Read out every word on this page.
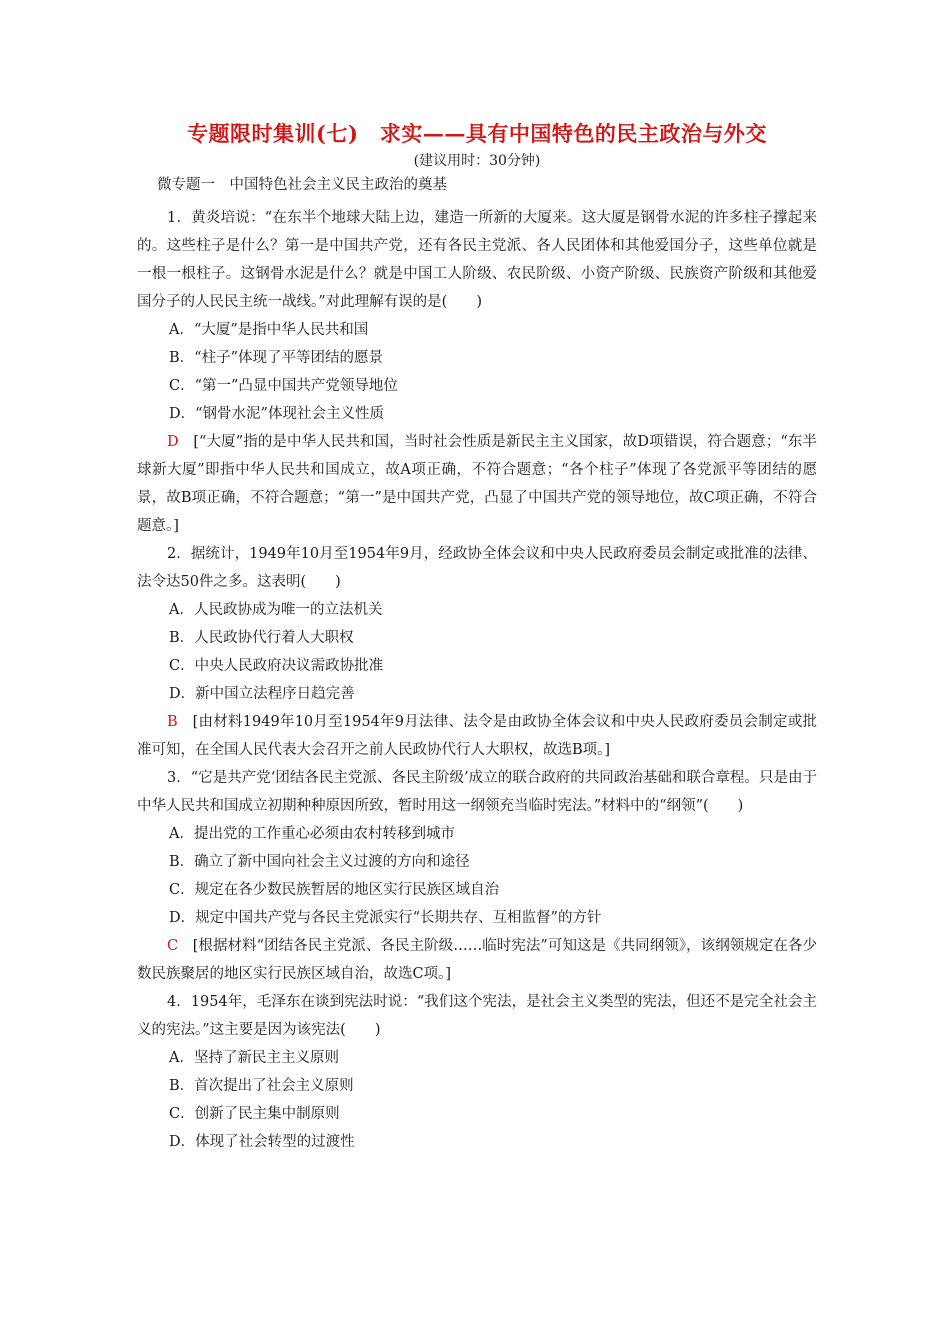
专题限时集训(七)　求实——具有中国特色的民主政治与外交
(建议用时：30分钟)
微专题一　中国特色社会主义民主政治的奠基

1．黄炎培说：“在东半个地球大陆上边，建造一所新的大厦来。这大厦是钢骨水泥的许多柱子撑起来的。这些柱子是什么？第一是中国共产党，还有各民主党派、各人民团体和其他爱国分子，这些单位就是一根一根柱子。这钢骨水泥是什么？就是中国工人阶级、农民阶级、小资产阶级、民族资产阶级和其他爱国分子的人民民主统一战线。”对此理解有误的是(　　)

A．“大厦”是指中华人民共和国

B．“柱子”体现了平等团结的愿景

C．“第一”凸显中国共产党领导地位

D．“钢骨水泥”体现社会主义性质

D　 [“大厦”指的是中华人民共和国，当时社会性质是新民主主义国家，故D项错误，符合题意；“东半球新大厦”即指中华人民共和国成立，故A项正确，不符合题意；“各个柱子”体现了各党派平等团结的愿景，故B项正确，不符合题意；“第一”是中国共产党，凸显了中国共产党的领导地位，故C项正确，不符合题意。]

2．据统计，1949年10月至1954年9月，经政协全体会议和中央人民政府委员会制定或批准的法律、法令达50件之多。这表明(　　)

A．人民政协成为唯一的立法机关

B．人民政协代行着人大职权

C．中央人民政府决议需政协批准

D．新中国立法程序日趋完善

B　 [由材料1949年10月至1954年9月法律、法令是由政协全体会议和中央人民政府委员会制定或批准可知，在全国人民代表大会召开之前人民政协代行人大职权，故选B项。]

3．“它是共产党‘团结各民主党派、各民主阶级’成立的联合政府的共同政治基础和联合章程。只是由于中华人民共和国成立初期种种原因所致，暂时用这一纲领充当临时宪法。”材料中的“纲领”(　　)

A．提出党的工作重心必须由农村转移到城市

B．确立了新中国向社会主义过渡的方向和途径

C．规定在各少数民族暂居的地区实行民族区域自治

D．规定中国共产党与各民主党派实行“长期共存、互相监督”的方针

C　 [根据材料“团结各民主党派、各民主阶级……临时宪法”可知这是《共同纲领》，该纲领规定在各少数民族聚居的地区实行民族区域自治，故选C项。]

4．1954年，毛泽东在谈到宪法时说：“我们这个宪法，是社会主义类型的宪法，但还不是完全社会主义的宪法。”这主要是因为该宪法(　　)

A．坚持了新民主主义原则

B．首次提出了社会主义原则

C．创新了民主集中制原则

D．体现了社会转型的过渡性
